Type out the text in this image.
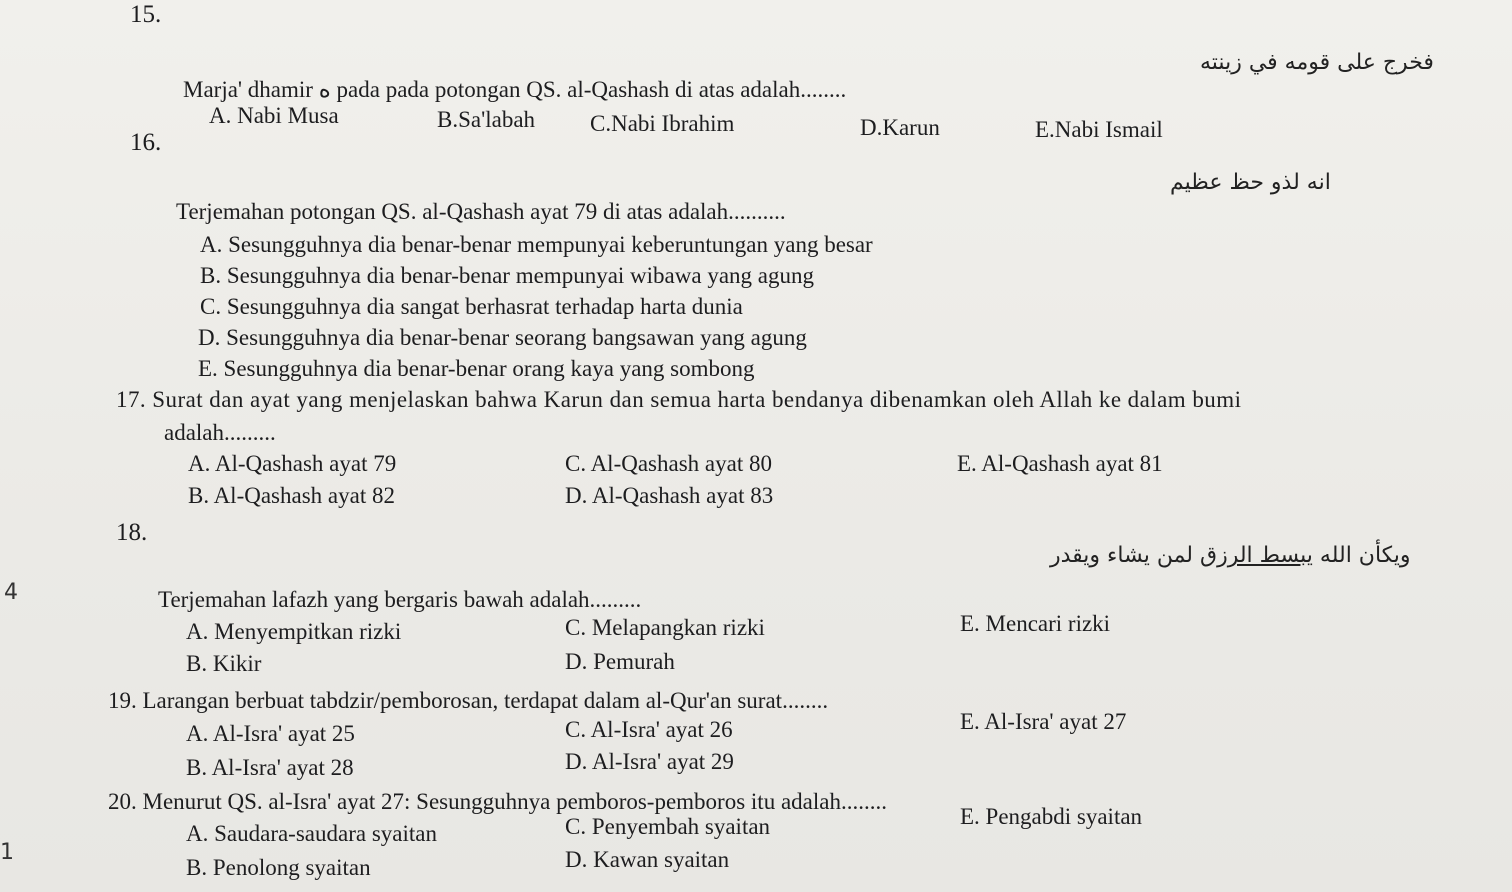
15.
فخرج على قومه في زينته
Marja' dhamir ه pada pada potongan QS. al-Qashash di atas adalah........
A. Nabi Musa	B.Sa'labah C.Nabi Ibrahim	D.Karun	E.Nabi Ismail
16.
انه لذو حظ عظيم
Terjemahan potongan QS. al-Qashash ayat 79 di atas adalah..........
A. Sesungguhnya dia benar-benar mempunyai keberuntungan yang besar
B. Sesungguhnya dia benar-benar mempunyai wibawa yang agung
C. Sesungguhnya dia sangat berhasrat terhadap harta dunia
D. Sesungguhnya dia benar-benar seorang bangsawan yang agung
E. Sesungguhnya dia benar-benar orang kaya yang sombong
17. Surat dan ayat yang menjelaskan bahwa Karun dan semua harta bendanya dibenamkan oleh Allah ke dalam bumi
adalah.........
A. Al-Qashash ayat 79	C. Al-Qashash ayat 80	E. Al-Qashash ayat 81
B. Al-Qashash ayat 82	D. Al-Qashash ayat 83
18.
ويكأن الله يبسط الرزق لمن يشاء ويقدر
4	Terjemahan lafazh yang bergaris bawah adalah.........
A. Menyempitkan rizki	C. Melapangkan rizki	E. Mencari rizki
B. Kikir	D. Pemurah
19. Larangan berbuat tabdzir/pemborosan, terdapat dalam al-Qur'an surat........
A. Al-Isra' ayat 25	C. Al-Isra' ayat 26	E. Al-Isra' ayat 27
B. Al-Isra' ayat 28	D. Al-Isra' ayat 29
20. Menurut QS. al-Isra' ayat 27: Sesungguhnya pemboros-pemboros itu adalah........
A. Saudara-saudara syaitan	C. Penyembah syaitan	E. Pengabdi syaitan
1
B. Penolong syaitan	D. Kawan syaitan
